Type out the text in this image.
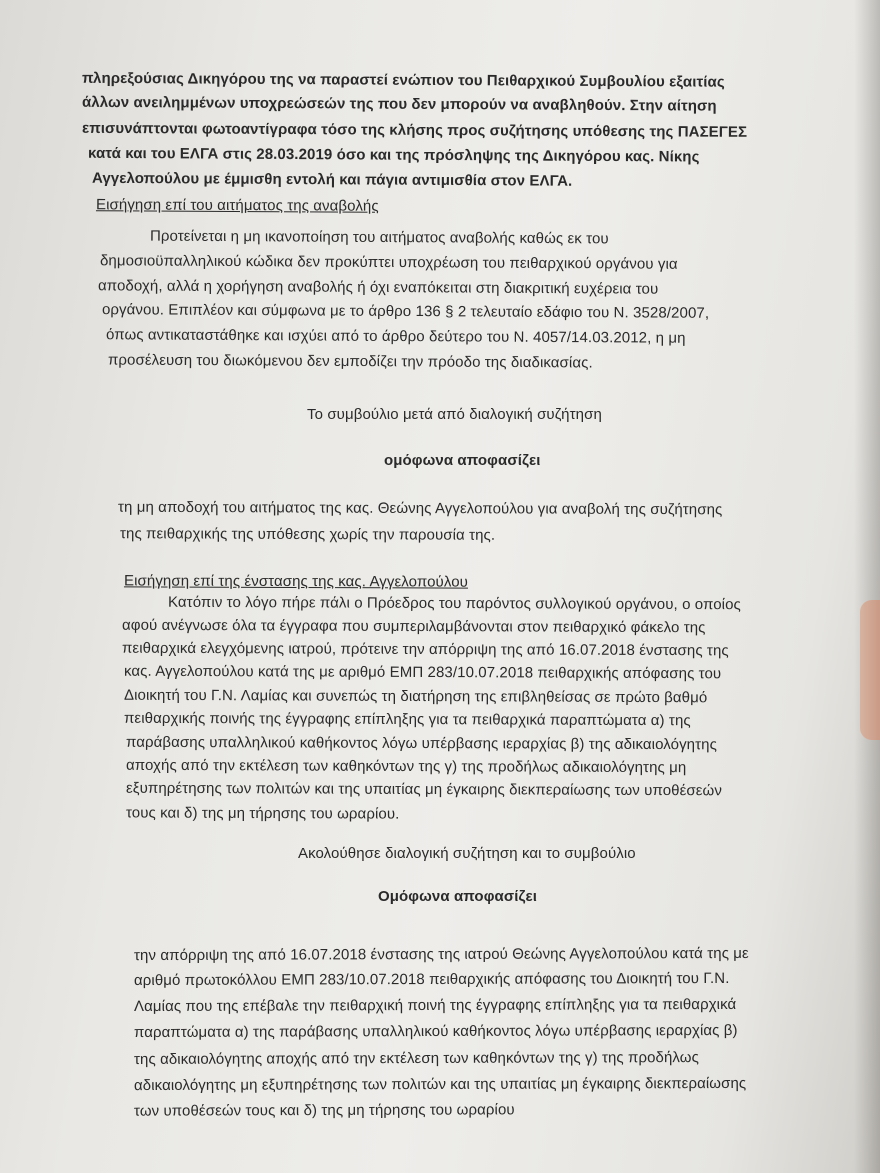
πληρεξούσιας Δικηγόρου της να παραστεί ενώπιον του Πειθαρχικού Συμβουλίου εξαιτίας
άλλων ανειλημμένων υποχρεώσεών της που δεν μπορούν να αναβληθούν. Στην αίτηση
επισυνάπτονται φωτοαντίγραφα τόσο της κλήσης προς συζήτησης υπόθεσης της ΠΑΣΕΓΕΣ
κατά και του ΕΛΓΑ στις 28.03.2019 όσο και της πρόσληψης της Δικηγόρου κας. Νίκης
Αγγελοπούλου με έμμισθη εντολή και πάγια αντιμισθία στον ΕΛΓΑ.
Εισήγηση επί του αιτήματος της αναβολής
Προτείνεται η μη ικανοποίηση του αιτήματος αναβολής καθώς εκ του
δημοσιοϋπαλληλικού κώδικα δεν προκύπτει υποχρέωση του πειθαρχικού οργάνου για
αποδοχή, αλλά η χορήγηση αναβολής ή όχι εναπόκειται στη διακριτική ευχέρεια του
οργάνου. Επιπλέον και σύμφωνα με το άρθρο 136 § 2 τελευταίο εδάφιο του Ν. 3528/2007,
όπως αντικαταστάθηκε και ισχύει από το άρθρο δεύτερο του Ν. 4057/14.03.2012, η μη
προσέλευση του διωκόμενου δεν εμποδίζει την πρόοδο της διαδικασίας.
Το συμβούλιο μετά από διαλογική συζήτηση
ομόφωνα αποφασίζει
τη μη αποδοχή του αιτήματος της κας. Θεώνης Αγγελοπούλου για αναβολή της συζήτησης
της πειθαρχικής της υπόθεσης χωρίς την παρουσία της.
Εισήγηση επί της ένστασης της κας. Αγγελοπούλου
Κατόπιν το λόγο πήρε πάλι ο Πρόεδρος του παρόντος συλλογικού οργάνου, ο οποίος
αφού ανέγνωσε όλα τα έγγραφα που συμπεριλαμβάνονται στον πειθαρχικό φάκελο της
πειθαρχικά ελεγχόμενης ιατρού, πρότεινε την απόρριψη της από 16.07.2018 ένστασης της
κας. Αγγελοπούλου κατά της με αριθμό ΕΜΠ 283/10.07.2018 πειθαρχικής απόφασης του
Διοικητή του Γ.Ν. Λαμίας και συνεπώς τη διατήρηση της επιβληθείσας σε πρώτο βαθμό
πειθαρχικής ποινής της έγγραφης επίπληξης για τα πειθαρχικά παραπτώματα α) της
παράβασης υπαλληλικού καθήκοντος λόγω υπέρβασης ιεραρχίας β) της αδικαιολόγητης
αποχής από την εκτέλεση των καθηκόντων της γ) της προδήλως αδικαιολόγητης μη
εξυπηρέτησης των πολιτών και της υπαιτίας μη έγκαιρης διεκπεραίωσης των υποθέσεών
τους και δ) της μη τήρησης του ωραρίου.
Ακολούθησε διαλογική συζήτηση και το συμβούλιο
Ομόφωνα αποφασίζει
την απόρριψη της από 16.07.2018 ένστασης της ιατρού Θεώνης Αγγελοπούλου κατά της με
αριθμό πρωτοκόλλου ΕΜΠ 283/10.07.2018 πειθαρχικής απόφασης του Διοικητή του Γ.Ν.
Λαμίας που της επέβαλε την πειθαρχική ποινή της έγγραφης επίπληξης για τα πειθαρχικά
παραπτώματα α) της παράβασης υπαλληλικού καθήκοντος λόγω υπέρβασης ιεραρχίας β)
της αδικαιολόγητης αποχής από την εκτέλεση των καθηκόντων της γ) της προδήλως
αδικαιολόγητης μη εξυπηρέτησης των πολιτών και της υπαιτίας μη έγκαιρης διεκπεραίωσης
των υποθέσεών τους και δ) της μη τήρησης του ωραρίου
